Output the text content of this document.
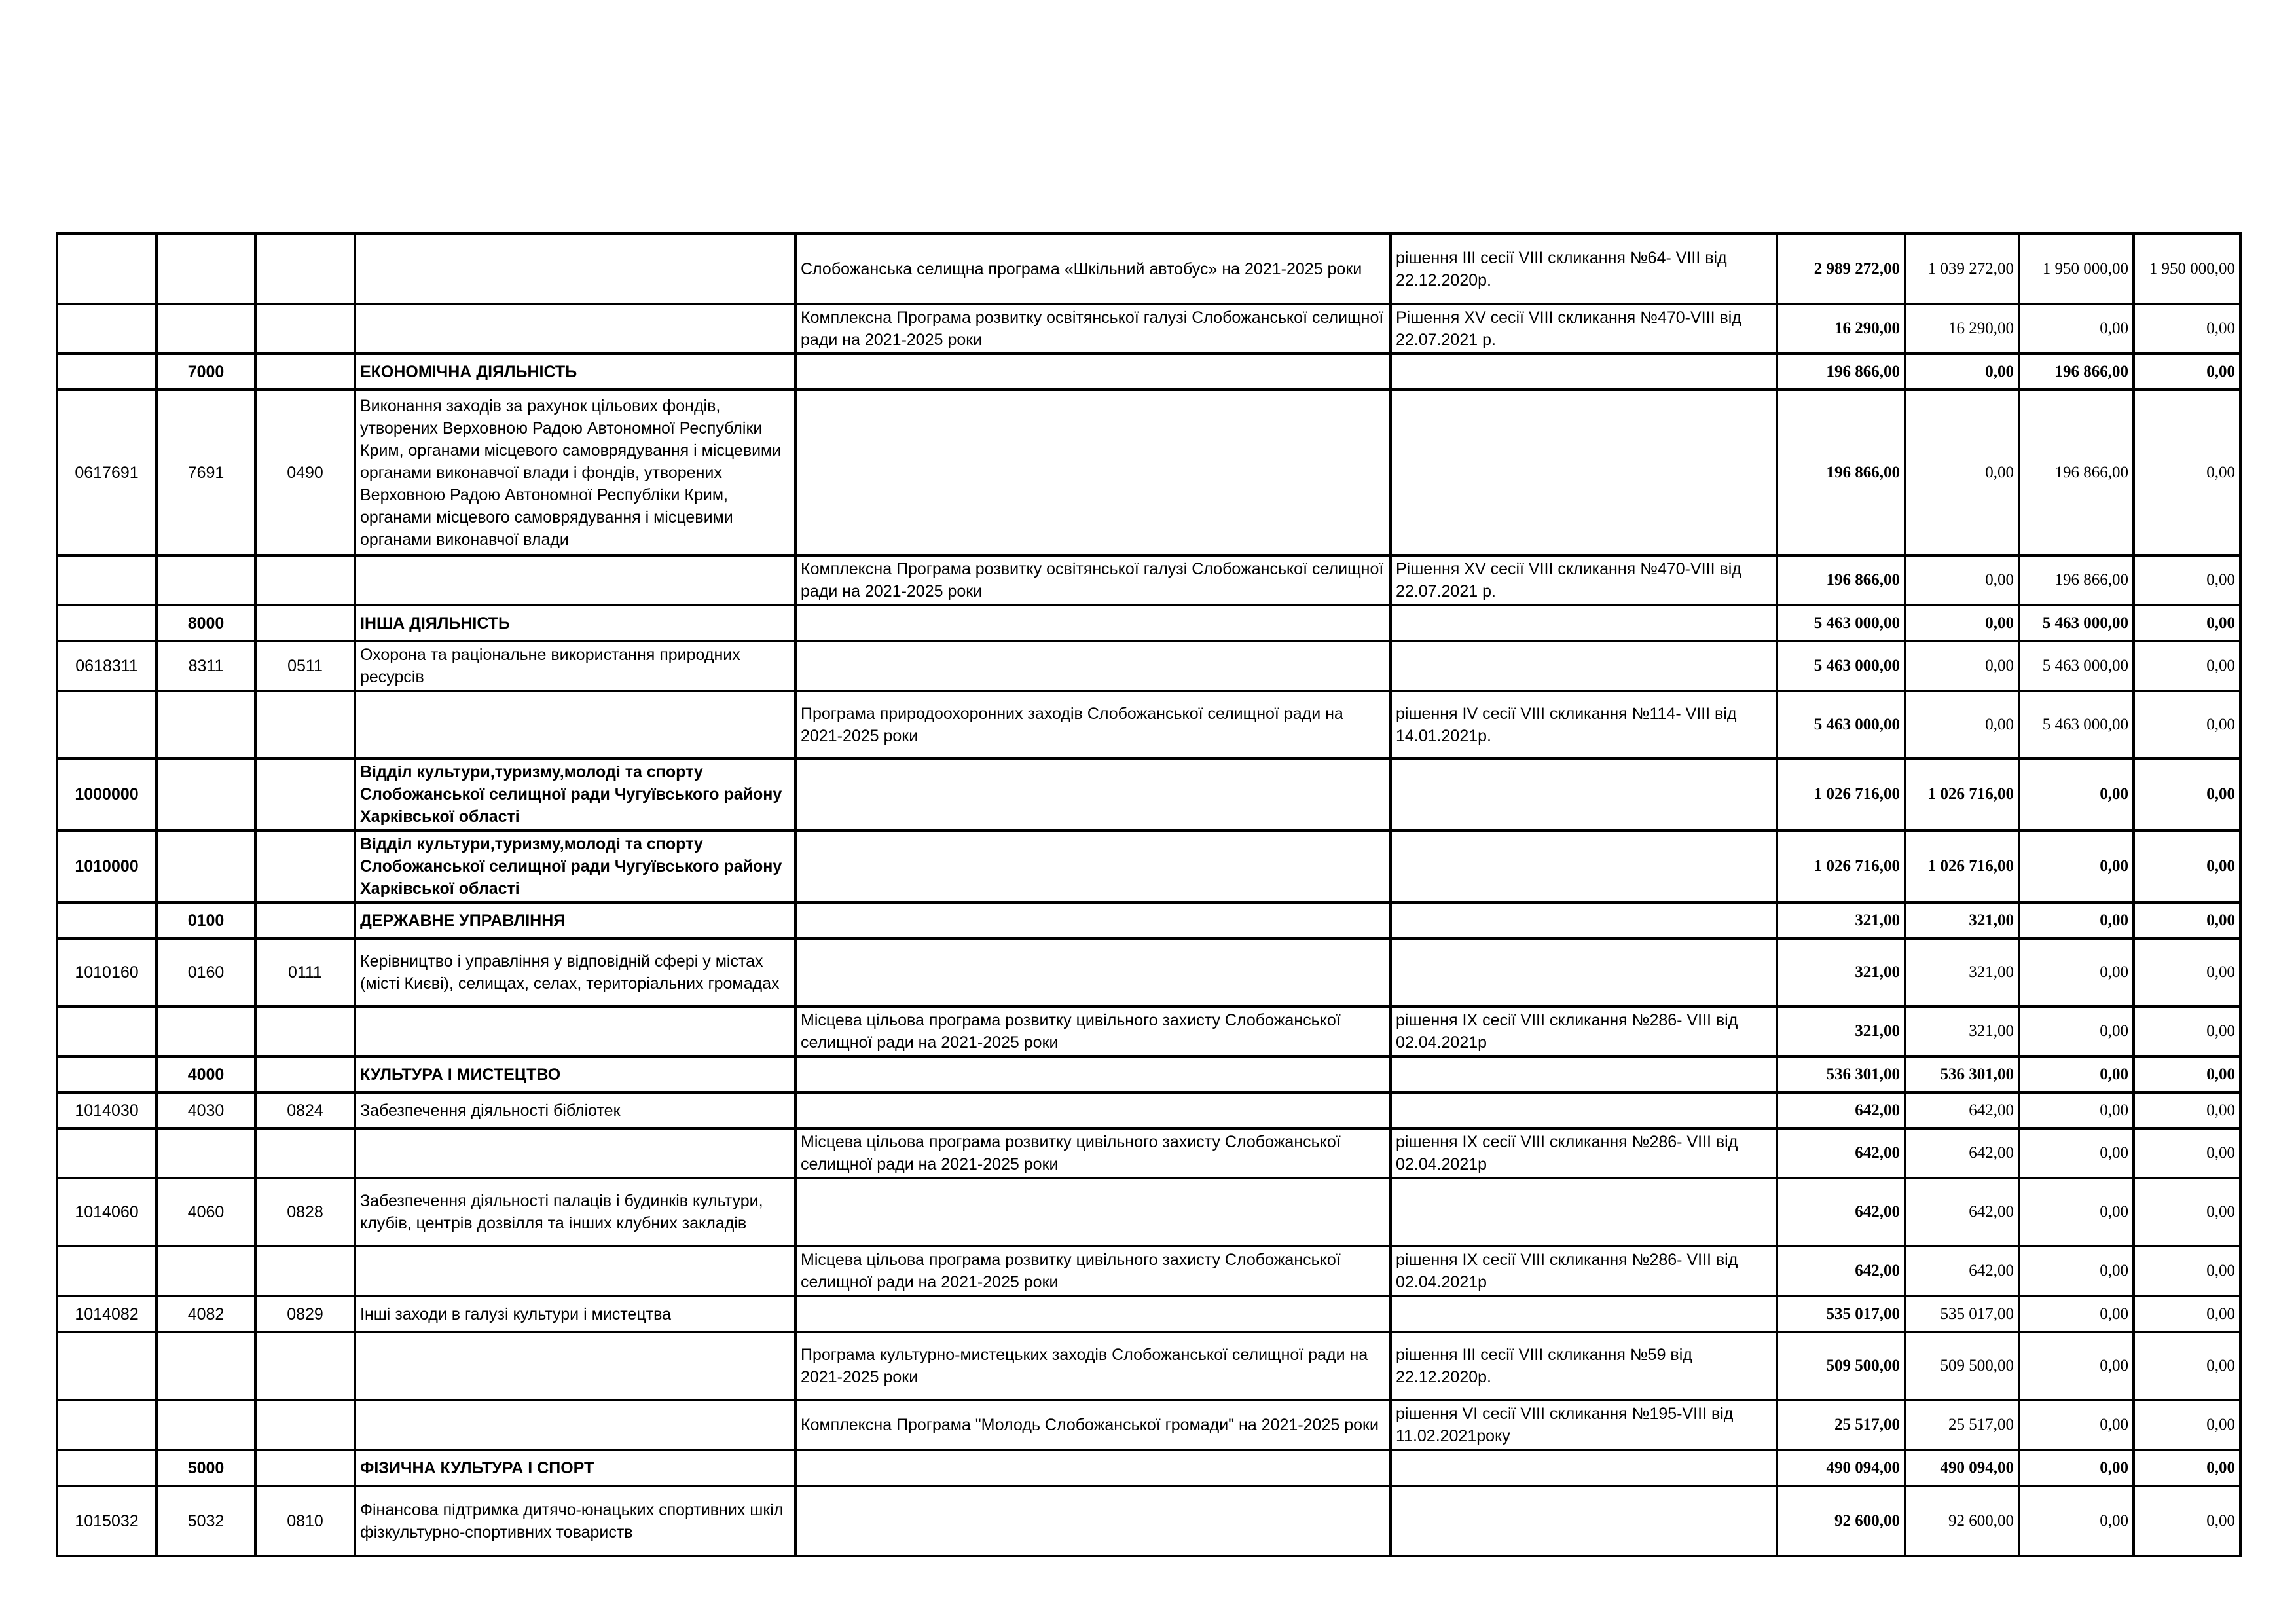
				Слобожанська селищна програма «Шкільний автобус» на 2021-2025 роки	рішення ІІІ сесії VІІІ скликання №64- VІІІ від 22.12.2020р.	2 989 272,00	1 039 272,00	1 950 000,00	1 950 000,00
				Комплексна Програма розвитку освітянської галузі Слобожанської селищної ради на 2021-2025 роки	Рішення XV сесії VIII скликання №470-VIII від 22.07.2021 р.	16 290,00	16 290,00	0,00	0,00
	7000		ЕКОНОМІЧНА ДІЯЛЬНІСТЬ			196 866,00	0,00	196 866,00	0,00
0617691	7691	0490	Виконання заходів за рахунок цільових фондів, утворених Верховною Радою Автономної Республіки Крим, органами місцевого самоврядування і місцевими органами виконавчої влади і фондів, утворених Верховною Радою Автономної Республіки Крим, органами місцевого самоврядування і місцевими органами виконавчої влади			196 866,00	0,00	196 866,00	0,00
				Комплексна Програма розвитку освітянської галузі Слобожанської селищної ради на 2021-2025 роки	Рішення XV сесії VIII скликання №470-VIII від 22.07.2021 р.	196 866,00	0,00	196 866,00	0,00
	8000		ІНША ДІЯЛЬНІСТЬ			5 463 000,00	0,00	5 463 000,00	0,00
0618311	8311	0511	Охорона та раціональне використання природних ресурсів			5 463 000,00	0,00	5 463 000,00	0,00
				Програма природоохоронних заходів Слобожанської селищної ради на 2021-2025 роки	рішення ІV сесії VІІІ скликання №114- VІІІ від 14.01.2021р.	5 463 000,00	0,00	5 463 000,00	0,00
1000000			Відділ культури,туризму,молоді та спорту Слобожанської селищної ради Чугуївського району Харківської області			1 026 716,00	1 026 716,00	0,00	0,00
1010000			Відділ культури,туризму,молоді та спорту Слобожанської селищної ради Чугуївського району Харківської області			1 026 716,00	1 026 716,00	0,00	0,00
	0100		ДЕРЖАВНЕ УПРАВЛІННЯ			321,00	321,00	0,00	0,00
1010160	0160	0111	Керівництво і управління у відповідній сфері у містах (місті Києві), селищах, селах, територіальних громадах			321,00	321,00	0,00	0,00
				Місцева цільова програма розвитку цивільного захисту Слобожанської селищної ради на 2021-2025 роки	рішення ІХ сесії VІІІ скликання №286- VІІІ від 02.04.2021р	321,00	321,00	0,00	0,00
	4000		КУЛЬТУРА І МИСТЕЦТВО			536 301,00	536 301,00	0,00	0,00
1014030	4030	0824	Забезпечення діяльності бібліотек			642,00	642,00	0,00	0,00
				Місцева цільова програма розвитку цивільного захисту Слобожанської селищної ради на 2021-2025 роки	рішення ІХ сесії VІІІ скликання №286- VІІІ від 02.04.2021р	642,00	642,00	0,00	0,00
1014060	4060	0828	Забезпечення діяльності палаців i будинків культури, клубів, центрів дозвілля та iнших клубних закладів			642,00	642,00	0,00	0,00
				Місцева цільова програма розвитку цивільного захисту Слобожанської селищної ради на 2021-2025 роки	рішення ІХ сесії VІІІ скликання №286- VІІІ від 02.04.2021р	642,00	642,00	0,00	0,00
1014082	4082	0829	Інші заходи в галузі культури і мистецтва			535 017,00	535 017,00	0,00	0,00
				Програма культурно-мистецьких заходів Слобожанської селищної ради на 2021-2025 роки	рішення ІІІ сесії VІІІ скликання №59 від 22.12.2020р.	509 500,00	509 500,00	0,00	0,00
				Комплексна Програма "Молодь Слобожанської громади" на 2021-2025 роки	рішення VІ сесії VІІІ скликання №195-VІІІ від 11.02.2021року	25 517,00	25 517,00	0,00	0,00
	5000		ФIЗИЧНА КУЛЬТУРА I СПОРТ			490 094,00	490 094,00	0,00	0,00
1015032	5032	0810	Фінансова підтримка дитячо-юнацьких спортивних шкіл фізкультурно-спортивних товариств			92 600,00	92 600,00	0,00	0,00
